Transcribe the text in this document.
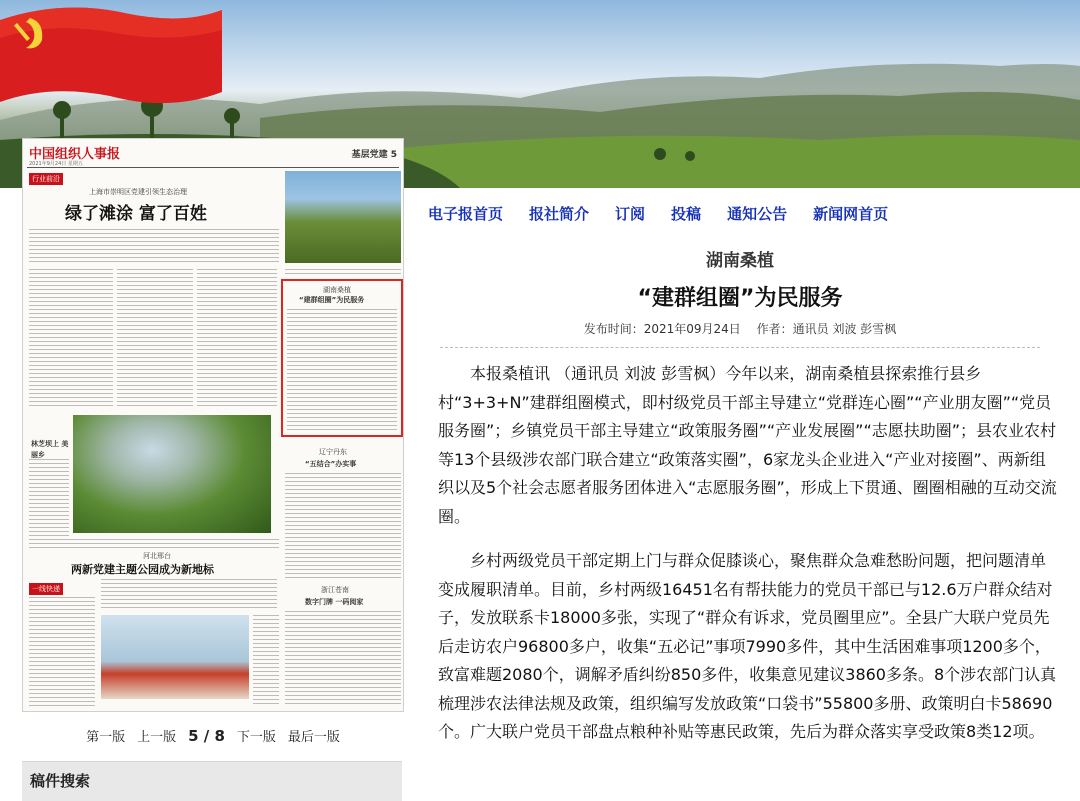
中国组织人事报	基层党建 5
2021年9月24日 星期五
行业前沿
上海市崇明区党建引领生态治理
绿了滩涂 富了百姓
湖南桑植
“建群组圈”为民服务
林芝坝上 美丽乡	辽宁丹东
“五结合”办实事
河北邢台
两新党建主题公园成为新地标
一线快递	浙江苍南
数字门牌 一码阅家
第一版 上一版 5 / 8 下一版 最后一版
稿件搜索
电子报首页 报社简介 订阅 投稿 通知公告 新闻网首页
湖南桑植
“建群组圈”为民服务
发布时间：2021年09月24日 作者：通讯员 刘波 彭雪枫

本报桑植讯 （通讯员 刘波 彭雪枫）今年以来，湖南桑植县探索推行县乡村“3+3+N”建群组圈模式，即村级党员干部主导建立“党群连心圈”“产业朋友圈”“党员服务圈”；乡镇党员干部主导建立“政策服务圈”“产业发展圈”“志愿扶助圈”；县农业农村等13个县级涉农部门联合建立“政策落实圈”，6家龙头企业进入“产业对接圈”、两新组织以及5个社会志愿者服务团体进入“志愿服务圈”，形成上下贯通、圈圈相融的互动交流圈。

乡村两级党员干部定期上门与群众促膝谈心，聚焦群众急难愁盼问题，把问题清单变成履职清单。目前，乡村两级16451名有帮扶能力的党员干部已与12.6万户群众结对子，发放联系卡18000多张，实现了“群众有诉求，党员圈里应”。全县广大联户党员先后走访农户96800多户，收集“五必记”事项7990多件，其中生活困难事项1200多个，致富难题2080个，调解矛盾纠纷850多件，收集意见建议3860多条。8个涉农部门认真梳理涉农法律法规及政策，组织编写发放政策“口袋书”55800多册、政策明白卡58690个。广大联户党员干部盘点粮种补贴等惠民政策，先后为群众落实享受政策8类12项。
